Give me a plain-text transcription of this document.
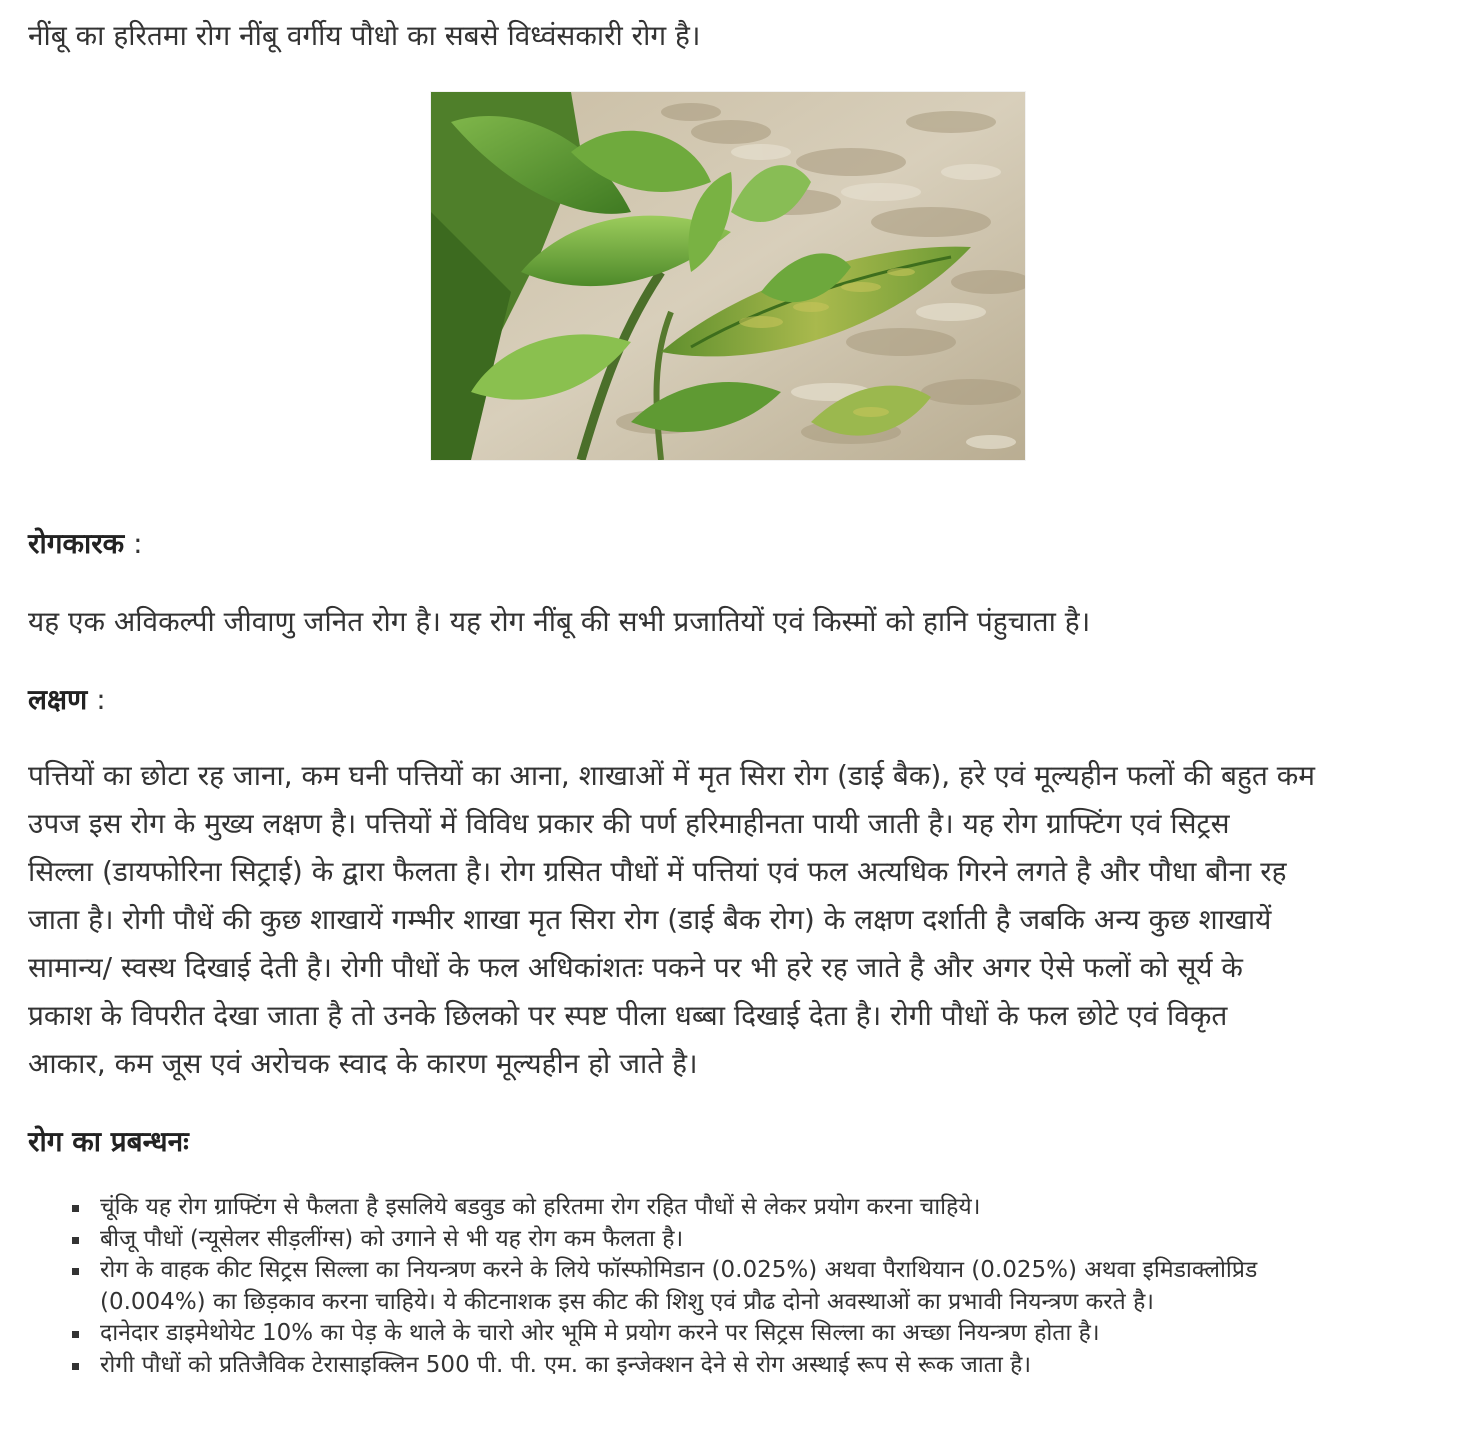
नींबू का हरितमा रोग नींबू वर्गीय पौधो का सबसे विध्वंसकारी रोग है।
रोगकारक :
यह एक अविकल्पी जीवाणु जनित रोग है। यह रोग नींबू की सभी प्रजातियों एवं किस्मों को हानि पंहुचाता है।
लक्षण :
पत्तियों का छोटा रह जाना, कम घनी पत्तियों का आना, शाखाओं में मृत सिरा रोग (डाई बैक), हरे एवं मूल्यहीन फलों की बहुत कम
उपज इस रोग के मुख्य लक्षण है। पत्तियों में विविध प्रकार की पर्ण हरिमाहीनता पायी जाती है। यह रोग ग्राफ्टिंग एवं सिट्रस
सिल्ला (डायफोरिना सिट्राई) के द्वारा फैलता है। रोग ग्रसित पौधों में पत्तियां एवं फल अत्यधिक गिरने लगते है और पौधा बौना रह
जाता है। रोगी पौधें की कुछ शाखायें गम्भीर शाखा मृत सिरा रोग (डाई बैक रोग) के लक्षण दर्शाती है जबकि अन्य कुछ शाखायें
सामान्य/ स्वस्थ दिखाई देती है। रोगी पौधों के फल अधिकांशतः पकने पर भी हरे रह जाते है और अगर ऐसे फलों को सूर्य के
प्रकाश के विपरीत देखा जाता है तो उनके छिलको पर स्पष्ट पीला धब्बा दिखाई देता है। रोगी पौधों के फल छोटे एवं विकृत
आकार, कम जूस एवं अरोचक स्वाद के कारण मूल्यहीन हो जाते है।
रोग का प्रबन्धनः
चूंकि यह रोग ग्राफ्टिंग से फैलता है इसलिये बडवुड को हरितमा रोग रहित पौधों से लेकर प्रयोग करना चाहिये।
बीजू पौधों (न्यूसेलर सीड़लींग्स) को उगाने से भी यह रोग कम फैलता है।
रोग के वाहक कीट सिट्रस सिल्ला का नियन्त्रण करने के लिये फॉस्फोमिडान (0.025%) अथवा पैराथियान (0.025%) अथवा इमिडाक्लोप्रिड
(0.004%) का छिड़काव करना चाहिये। ये कीटनाशक इस कीट की शिशु एवं प्रौढ दोनो अवस्थाओं का प्रभावी नियन्त्रण करते है।
दानेदार डाइमेथोयेट 10% का पेड़ के थाले के चारो ओर भूमि मे प्रयोग करने पर सिट्रस सिल्ला का अच्छा नियन्त्रण होता है।
रोगी पौधों को प्रतिजैविक टेरासाइक्लिन 500 पी. पी. एम. का इन्जेक्शन देने से रोग अस्थाई रूप से रूक जाता है।
